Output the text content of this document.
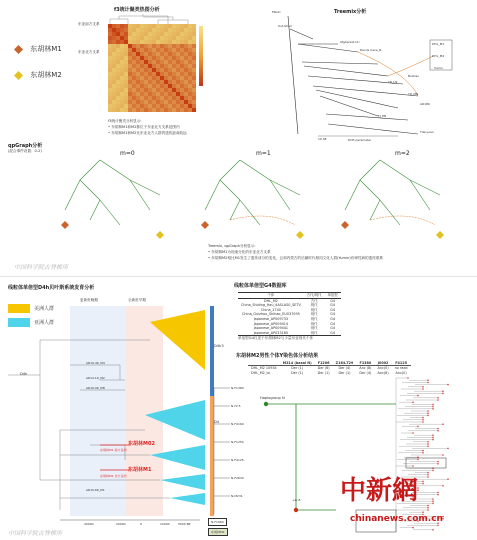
东胡林M1
东胡林M2
f3统计聚类热图分析
东亚南方支系
东亚北方支系
f3统计聚类分析显示:
• 东胡林M1和M2都位于东亚北方支系范围内
• 东胡林M1和M2比东亚北方人群的遗传距离较远
Treemix分析
Mbuti
Ust-Ishim
Afghanist-Uri
Devils Cave_N
DHL_M1
DHL_M2
Yumin
Boshan
YR_LN
YR_MN
AR18K
FJ_EN
Tianyuan
10 SE	Drift parameter
qpGraph分析
(混合事件设置：0-2)	m=0	m=1	m=2
Treemix, qpGraph分析显示:
• 东胡林M1为现東分化的东亚北方支系
• 东胡林M2相比M1发生了遗传成分的变化，且和内蒙古的后藤时代相同文化人群(Yumin)有弹性病的遗传联系
中国科学院古脊椎所
线粒体单倍型D4h贝叶斯系统发育分析
美洲人群
亚洲人群
更新世晚期	全新世早期
D4h3
D4h
D4
AR19.4K_M4
AR14.1K_M2
AR19.9K_M8
AR19.6K_M1
东胡林M02
东胡林M1
东胡林M1 南方亚洲
东胡林M2 北方亚洲
40000	20000	0	10000	5000 BP
中国科学院古脊椎所
线粒体单倍型G4数据库
个体	古代/现代	单倍型
DHL_M2	古代	G4
China_Shiding_Hau_4ASLAS0_SETV	现代	G4
China_1740	现代	G4
China_Guizhou_Shihao_EU037095	现代	G4
Japanese_AP009733	现代	G4
Japanese_AP009414	现代	G4
Japanese_AP009441	现代	G4
Japanese_AP033160	现代	G4
单倍型G4仅见于东胡林M2与少量东亚现代个体
东胡林M2男性个体Y染色体分析结果
	M214 (basal N)	F1206	Z16/L729	F1380	J0002	F4125
DHL_M2 10934	Der (1)	Der (6)	Der (4)	Anc (8)	Anc(0)	no read
DHL_M2_to	Der (1)	Der (1)	Der (1)	Der (4)	Anc(8)	Anc(0)
N-F1380
N-Y2.5
N-F4169
N-F1254
N-F4125
N-F2630
N-M231
N-F1960
东胡林M2
Haplogroup N
+2/-8 中新網
chinanews.com.cn
